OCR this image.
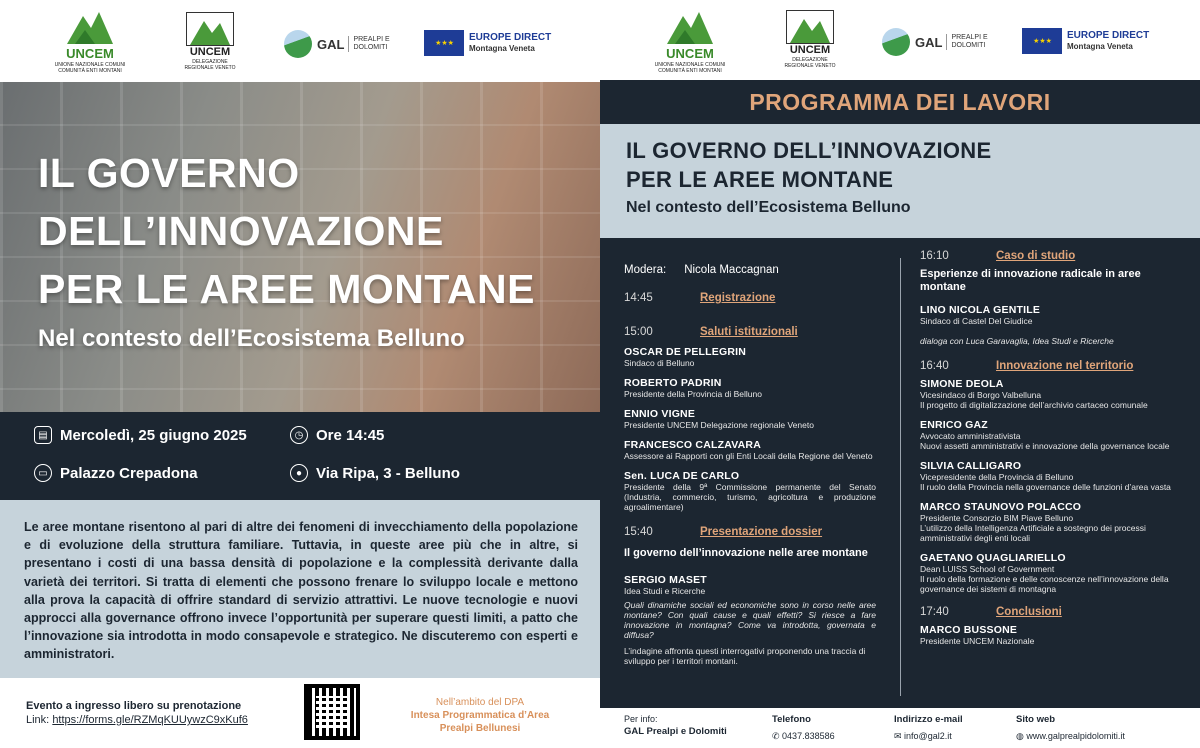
UNCEM
UNIONE NAZIONALE COMUNI COMUNITÀ ENTI MONTANI
UNCEM
DELEGAZIONE REGIONALE VENETO
GAL	PREALPI E DOLOMITI
★ ★ ★
EUROPE DIRECT
Montagna Veneta	UNCEM
UNIONE NAZIONALE COMUNI COMUNITÀ ENTI MONTANI
UNCEM
DELEGAZIONE REGIONALE VENETO
GAL	PREALPI E DOLOMITI
★ ★ ★
EUROPE DIRECT
Montagna Veneta
IL GOVERNO
DELL’INNOVAZIONE
PER LE AREE MONTANE
Nel contesto dell’Ecosistema Belluno
▤ Mercoledì, 25 giugno 2025	◷ Ore 14:45
▭ Palazzo Crepadona	● Via Ripa, 3 - Belluno
Le aree montane risentono al pari di altre dei fenomeni di invecchiamento della popolazione e di evoluzione della struttura familiare. Tuttavia, in queste aree più che in altre, si presentano i costi di una bassa densità di popolazione e la complessità derivante dalla varietà dei territori. Si tratta di elementi che possono frenare lo sviluppo locale e mettono alla prova la capacità di offrire standard di servizio attrattivi. Le nuove tecnologie e nuovi approcci alla governance offrono invece l’opportunità per superare questi limiti, a patto che l’innovazione sia introdotta in modo consapevole e strategico. Ne discuteremo con esperti e amministratori.
Evento a ingresso libero su prenotazione
Link: https://forms.gle/RZMqKUUywzC9xKuf6
Nell’ambito del DPA
Intesa Programmatica d’Area
Prealpi Bellunesi
PROGRAMMA DEI LAVORI
IL GOVERNO DELL’INNOVAZIONE
PER LE AREE MONTANE
Nel contesto dell’Ecosistema Belluno
Modera: Nicola Maccagnan
14:45	Registrazione
15:00	Saluti istituzionali
OSCAR DE PELLEGRIN
Sindaco di Belluno
ROBERTO PADRIN
Presidente della Provincia di Belluno
ENNIO VIGNE
Presidente UNCEM Delegazione regionale Veneto
FRANCESCO CALZAVARA
Assessore ai Rapporti con gli Enti Locali della Regione del Veneto
Sen. LUCA DE CARLO
Presidente della 9ª Commissione permanente del Senato (Industria, commercio, turismo, agricoltura e produzione agroalimentare)
15:40	Presentazione dossier
Il governo dell’innovazione nelle aree montane
SERGIO MASET
Idea Studi e Ricerche
Quali dinamiche sociali ed economiche sono in corso nelle aree montane? Con quali cause e quali effetti? Si riesce a fare innovazione in montagna? Come va introdotta, governata e diffusa?
L’indagine affronta questi interrogativi proponendo una traccia di sviluppo per i territori montani.
16:10	Caso di studio
Esperienze di innovazione radicale in aree montane
LINO NICOLA GENTILE
Sindaco di Castel Del Giudice
dialoga con Luca Garavaglia, Idea Studi e Ricerche
16:40	Innovazione nel territorio
SIMONE DEOLA
Vicesindaco di Borgo Valbelluna
Il progetto di digitalizzazione dell’archivio cartaceo comunale
ENRICO GAZ
Avvocato amministrativista
Nuovi assetti amministrativi e innovazione della governance locale
SILVIA CALLIGARO
Vicepresidente della Provincia di Belluno
Il ruolo della Provincia nella governance delle funzioni d’area vasta
MARCO STAUNOVO POLACCO
Presidente Consorzio BIM Piave Belluno
L’utilizzo della Intelligenza Artificiale a sostegno dei processi amministrativi degli enti locali
GAETANO QUAGLIARIELLO
Dean LUISS School of Government
Il ruolo della formazione e delle conoscenze nell’innovazione della governance dei sistemi di montagna
17:40	Conclusioni
MARCO BUSSONE
Presidente UNCEM Nazionale
Per info:
GAL Prealpi e Dolomiti
Telefono
✆ 0437.838586
Indirizzo e-mail
✉ info@gal2.it
Sito web
◍ www.galprealpidolomiti.it
